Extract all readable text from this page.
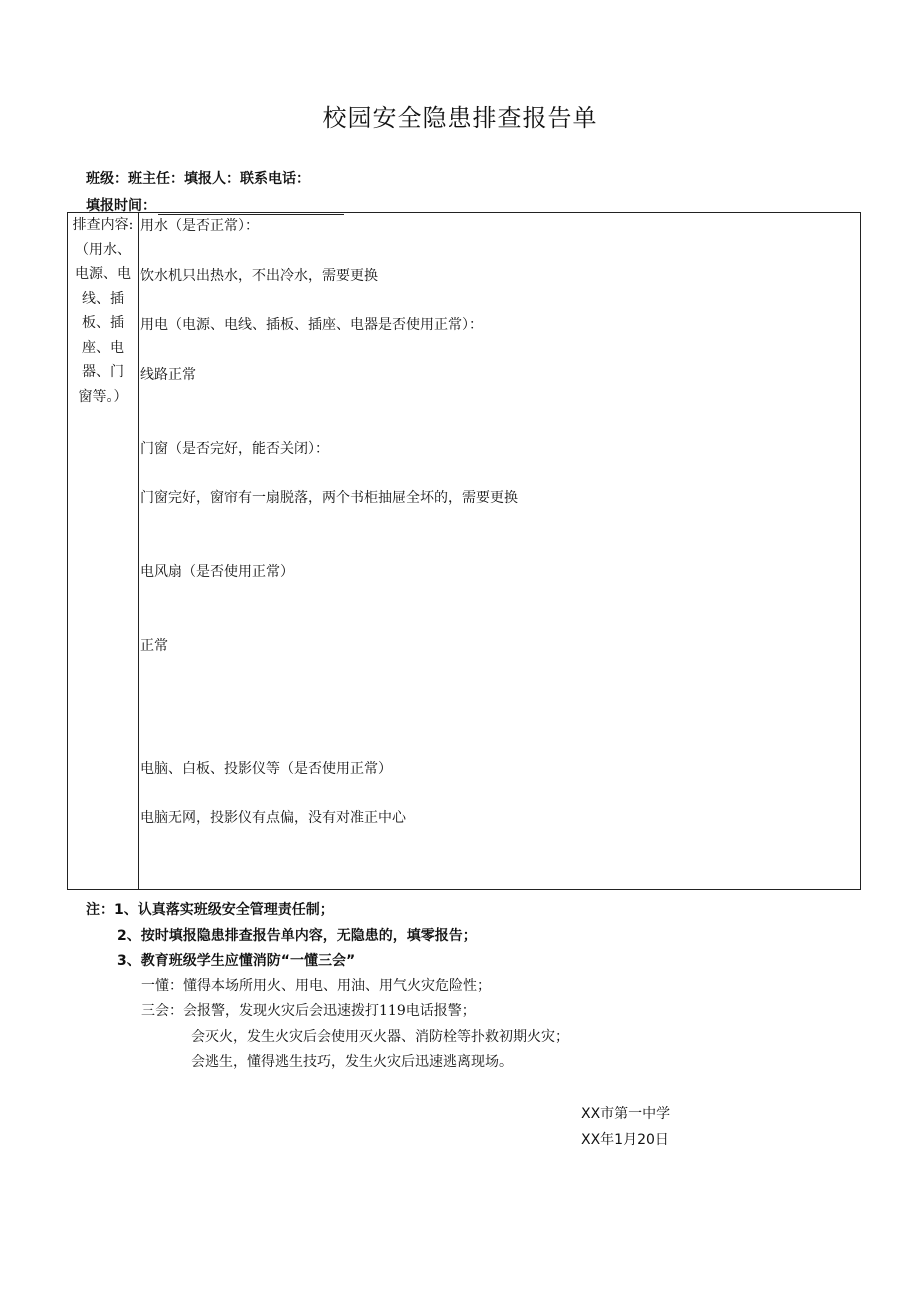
校园安全隐患排查报告单
班级：班主任：填报人：联系电话：
填报时间：
排查内容:
（用水、
电源、电
线、插
板、插
座、电
器、门
窗等。）
用水（是否正常）：
饮水机只出热水，不出冷水，需要更换
用电（电源、电线、插板、插座、电器是否使用正常）：
线路正常
门窗（是否完好，能否关闭）：
门窗完好，窗帘有一扇脱落，两个书柜抽屉全坏的，需要更换
电风扇（是否使用正常）
正常
电脑、白板、投影仪等（是否使用正常）
电脑无网，投影仪有点偏，没有对准正中心
注：1、认真落实班级安全管理责任制；
2、按时填报隐患排查报告单内容，无隐患的，填零报告；
3、教育班级学生应懂消防“一懂三会”
一懂：懂得本场所用火、用电、用油、用气火灾危险性；
三会：会报警，发现火灾后会迅速拨打119电话报警；
会灭火，发生火灾后会使用灭火器、消防栓等扑救初期火灾；
会逃生，懂得逃生技巧，发生火灾后迅速逃离现场。
XX市第一中学
XX年1月20日
